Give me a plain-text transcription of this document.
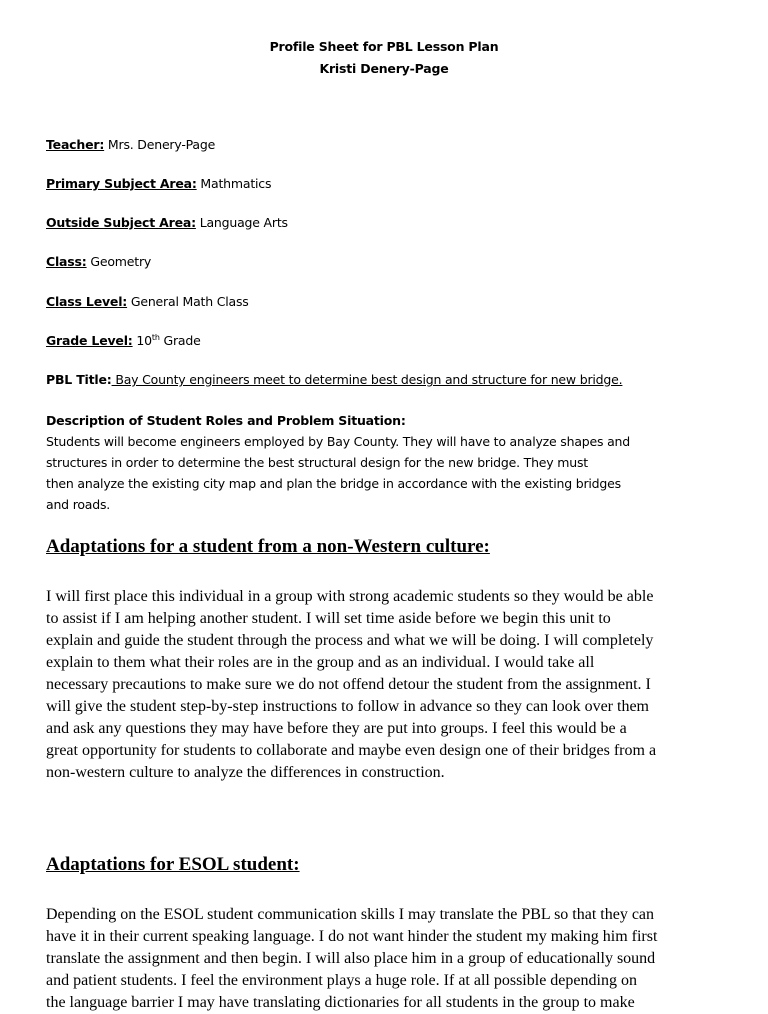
Profile Sheet for PBL Lesson Plan
Kristi Denery-Page
Teacher: Mrs. Denery-Page
Primary Subject Area: Mathmatics
Outside Subject Area: Language Arts
Class: Geometry
Class Level: General Math Class
Grade Level: 10th Grade
PBL Title: Bay County engineers meet to determine best design and structure for new bridge.
Description of Student Roles and Problem Situation:
Students will become engineers employed by Bay County. They will have to analyze shapes and
structures in order to determine the best structural design for the new bridge. They must
then analyze the existing city map and plan the bridge in accordance with the existing bridges
and roads.
Adaptations for a student from a non-Western culture:
I will first place this individual in a group with strong academic students so they would be able
to assist if I am helping another student. I will set time aside before we begin this unit to
explain and guide the student through the process and what we will be doing. I will completely
explain to them what their roles are in the group and as an individual. I would take all
necessary precautions to make sure we do not offend detour the student from the assignment. I
will give the student step-by-step instructions to follow in advance so they can look over them
and ask any questions they may have before they are put into groups. I feel this would be a
great opportunity for students to collaborate and maybe even design one of their bridges from a
non-western culture to analyze the differences in construction.
Adaptations for ESOL student:
Depending on the ESOL student communication skills I may translate the PBL so that they can
have it in their current speaking language. I do not want hinder the student my making him first
translate the assignment and then begin. I will also place him in a group of educationally sound
and patient students. I feel the environment plays a huge role. If at all possible depending on
the language barrier I may have translating dictionaries for all students in the group to make
